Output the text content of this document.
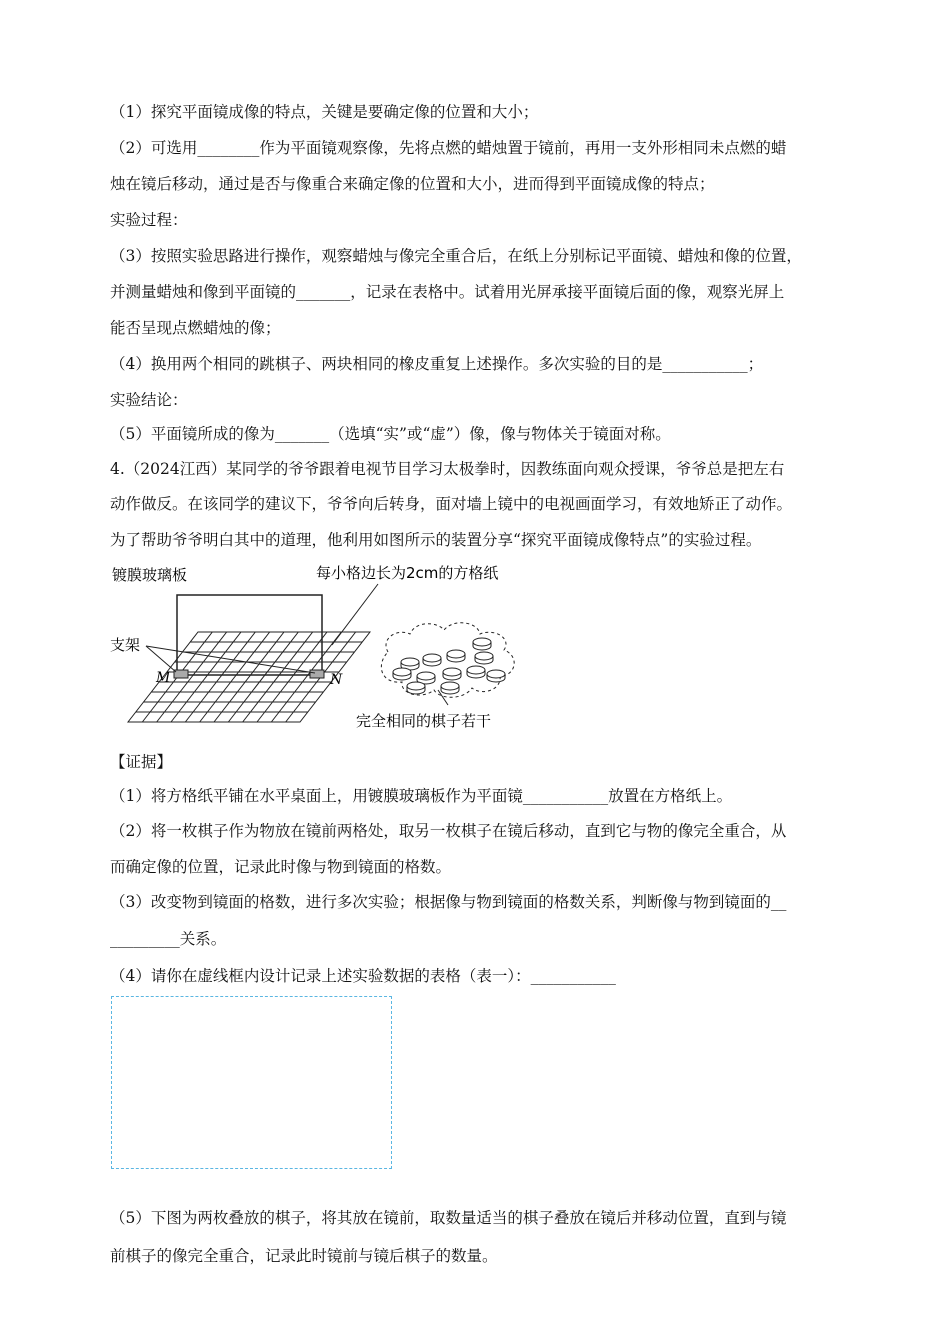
（1）探究平面镜成像的特点，关键是要确定像的位置和大小；
（2）可选用________作为平面镜观察像，先将点燃的蜡烛置于镜前，再用一支外形相同未点燃的蜡
烛在镜后移动，通过是否与像重合来确定像的位置和大小，进而得到平面镜成像的特点；
实验过程：
（3）按照实验思路进行操作，观察蜡烛与像完全重合后，在纸上分别标记平面镜、蜡烛和像的位置，
并测量蜡烛和像到平面镜的_______，记录在表格中。试着用光屏承接平面镜后面的像，观察光屏上
能否呈现点燃蜡烛的像；
（4）换用两个相同的跳棋子、两块相同的橡皮重复上述操作。多次实验的目的是___________；
实验结论：
（5）平面镜所成的像为_______（选填“实”或“虚”）像，像与物体关于镜面对称。
4.（2024江西）某同学的爷爷跟着电视节目学习太极拳时，因教练面向观众授课，爷爷总是把左右
动作做反。在该同学的建议下，爷爷向后转身，面对墙上镜中的电视画面学习，有效地矫正了动作。
为了帮助爷爷明白其中的道理，他利用如图所示的装置分享“探究平面镜成像特点”的实验过程。
镀膜玻璃板	每小格边长为2cm的方格纸
支架
M	N
完全相同的棋子若干
【证据】
（1）将方格纸平铺在水平桌面上，用镀膜玻璃板作为平面镜___________放置在方格纸上。
（2）将一枚棋子作为物放在镜前两格处，取另一枚棋子在镜后移动，直到它与物的像完全重合，从
而确定像的位置，记录此时像与物到镜面的格数。
（3）改变物到镜面的格数，进行多次实验；根据像与物到镜面的格数关系，判断像与物到镜面的__
_________关系。
（4）请你在虚线框内设计记录上述实验数据的表格（表一）：___________
（5）下图为两枚叠放的棋子，将其放在镜前，取数量适当的棋子叠放在镜后并移动位置，直到与镜
前棋子的像完全重合，记录此时镜前与镜后棋子的数量。
